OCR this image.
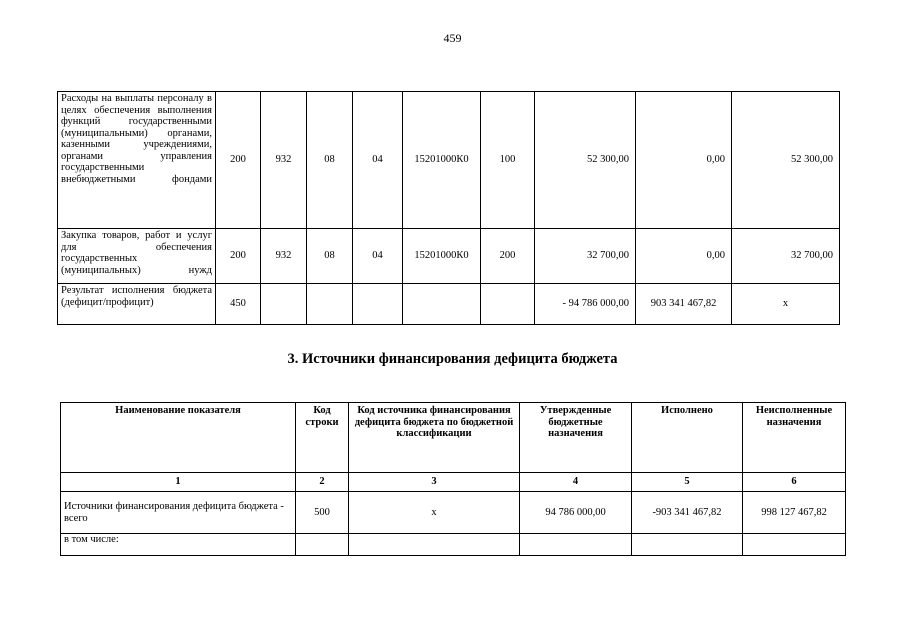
459
Расходы на выплаты персоналу в целях обеспечения выполнения функций государственными (муниципальными) органами, казенными учреждениями, органами управления государственными внебюджетными фондами	200	932	08	04	15201000К0	100	52 300,00	0,00	52 300,00
Закупка товаров, работ и услуг для обеспечения государственных (муниципальных) нужд	200	932	08	04	15201000К0	200	32 700,00	0,00	32 700,00
Результат исполнения бюджета (дефицит/профицит)	450						- 94 786 000,00	903 341 467,82	х
3. Источники финансирования дефицита бюджета
Наименование показателя	Код строки	Код источника финансирования дефицита бюджета по бюджетной классификации	Утвержденные бюджетные назначения	Исполнено	Неисполненные назначения
1	2	3	4	5	6
Источники финансирования дефицита бюджета - всего	500	х	94 786 000,00	-903 341 467,82	998 127 467,82
в том числе:					
